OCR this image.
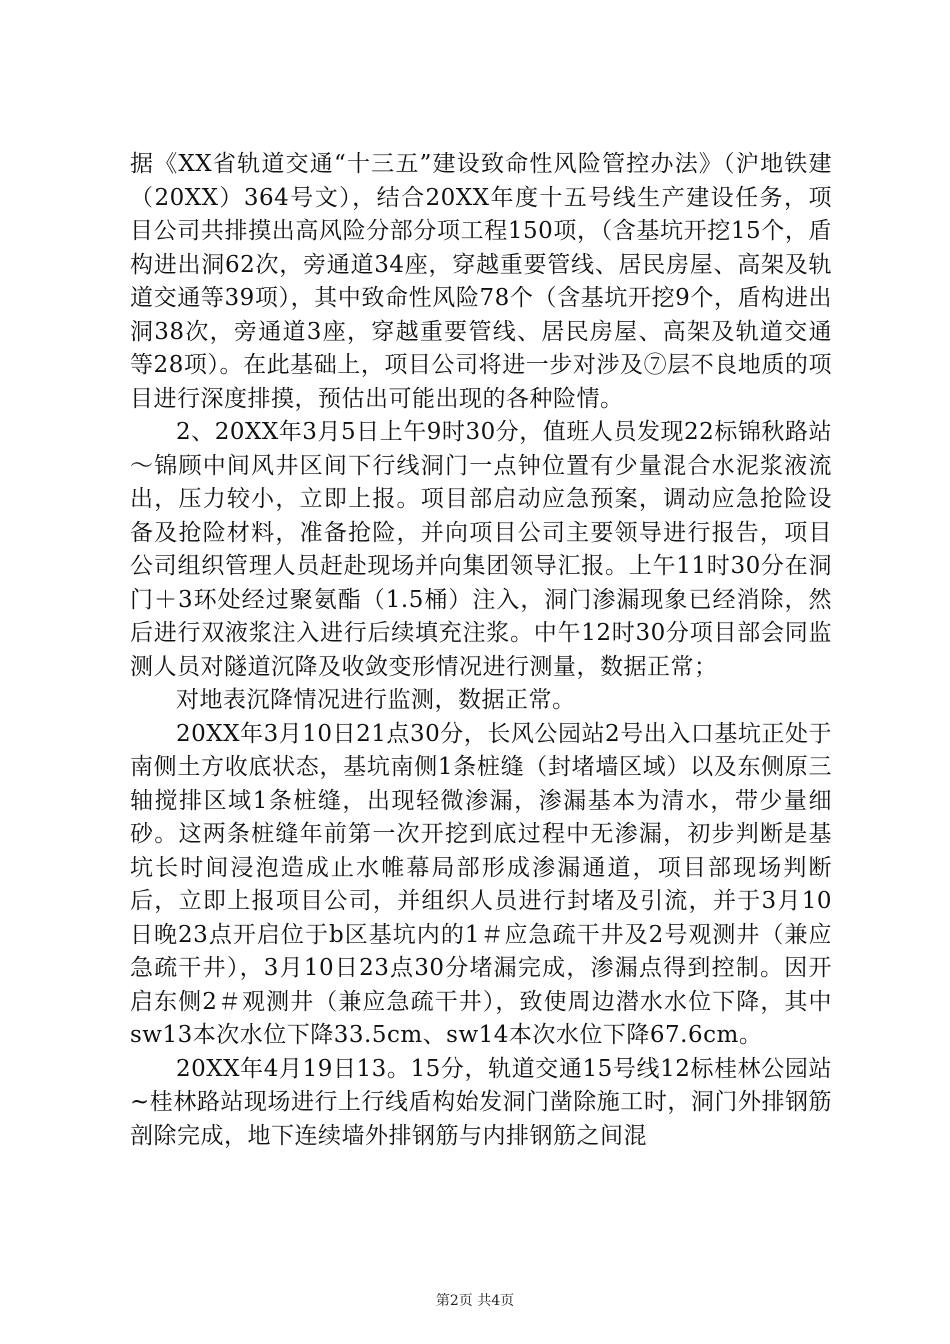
据《XX省轨道交通“十三五”建设致命性风险管控办法》（沪地铁建（20XX）364号文），结合20XX年度十五号线生产建设任务，项目公司共排摸出高风险分部分项工程150项，（含基坑开挖15个，盾构进出洞62次，旁通道34座，穿越重要管线、居民房屋、高架及轨道交通等39项），其中致命性风险78个（含基坑开挖9个，盾构进出洞38次，旁通道3座，穿越重要管线、居民房屋、高架及轨道交通等28项）。在此基础上，项目公司将进一步对涉及⑦层不良地质的项目进行深度排摸，预估出可能出现的各种险情。

2、20XX年3月5日上午9时30分，值班人员发现22标锦秋路站～锦顾中间风井区间下行线洞门一点钟位置有少量混合水泥浆液流出，压力较小，立即上报。项目部启动应急预案，调动应急抢险设备及抢险材料，准备抢险，并向项目公司主要领导进行报告，项目公司组织管理人员赶赴现场并向集团领导汇报。上午11时30分在洞门＋3环处经过聚氨酯（1.5桶）注入，洞门渗漏现象已经消除，然后进行双液浆注入进行后续填充注浆。中午12时30分项目部会同监测人员对隧道沉降及收敛变形情况进行测量，数据正常；

对地表沉降情况进行监测，数据正常。

20XX年3月10日21点30分，长风公园站2号出入口基坑正处于南侧土方收底状态，基坑南侧1条桩缝（封堵墙区域）以及东侧原三轴搅排区域1条桩缝，出现轻微渗漏，渗漏基本为清水，带少量细砂。这两条桩缝年前第一次开挖到底过程中无渗漏，初步判断是基坑长时间浸泡造成止水帷幕局部形成渗漏通道，项目部现场判断后，立即上报项目公司，并组织人员进行封堵及引流，并于3月10日晚23点开启位于b区基坑内的1＃应急疏干井及2号观测井（兼应急疏干井），3月10日23点30分堵漏完成，渗漏点得到控制。因开启东侧2＃观测井（兼应急疏干井），致使周边潜水水位下降，其中sw13本次水位下降33.5cm、sw14本次水位下降67.6cm。

20XX年4月19日13。15分，轨道交通15号线12标桂林公园站~桂林路站现场进行上行线盾构始发洞门凿除施工时，洞门外排钢筋剖除完成，地下连续墙外排钢筋与内排钢筋之间混

第2页 共4页
